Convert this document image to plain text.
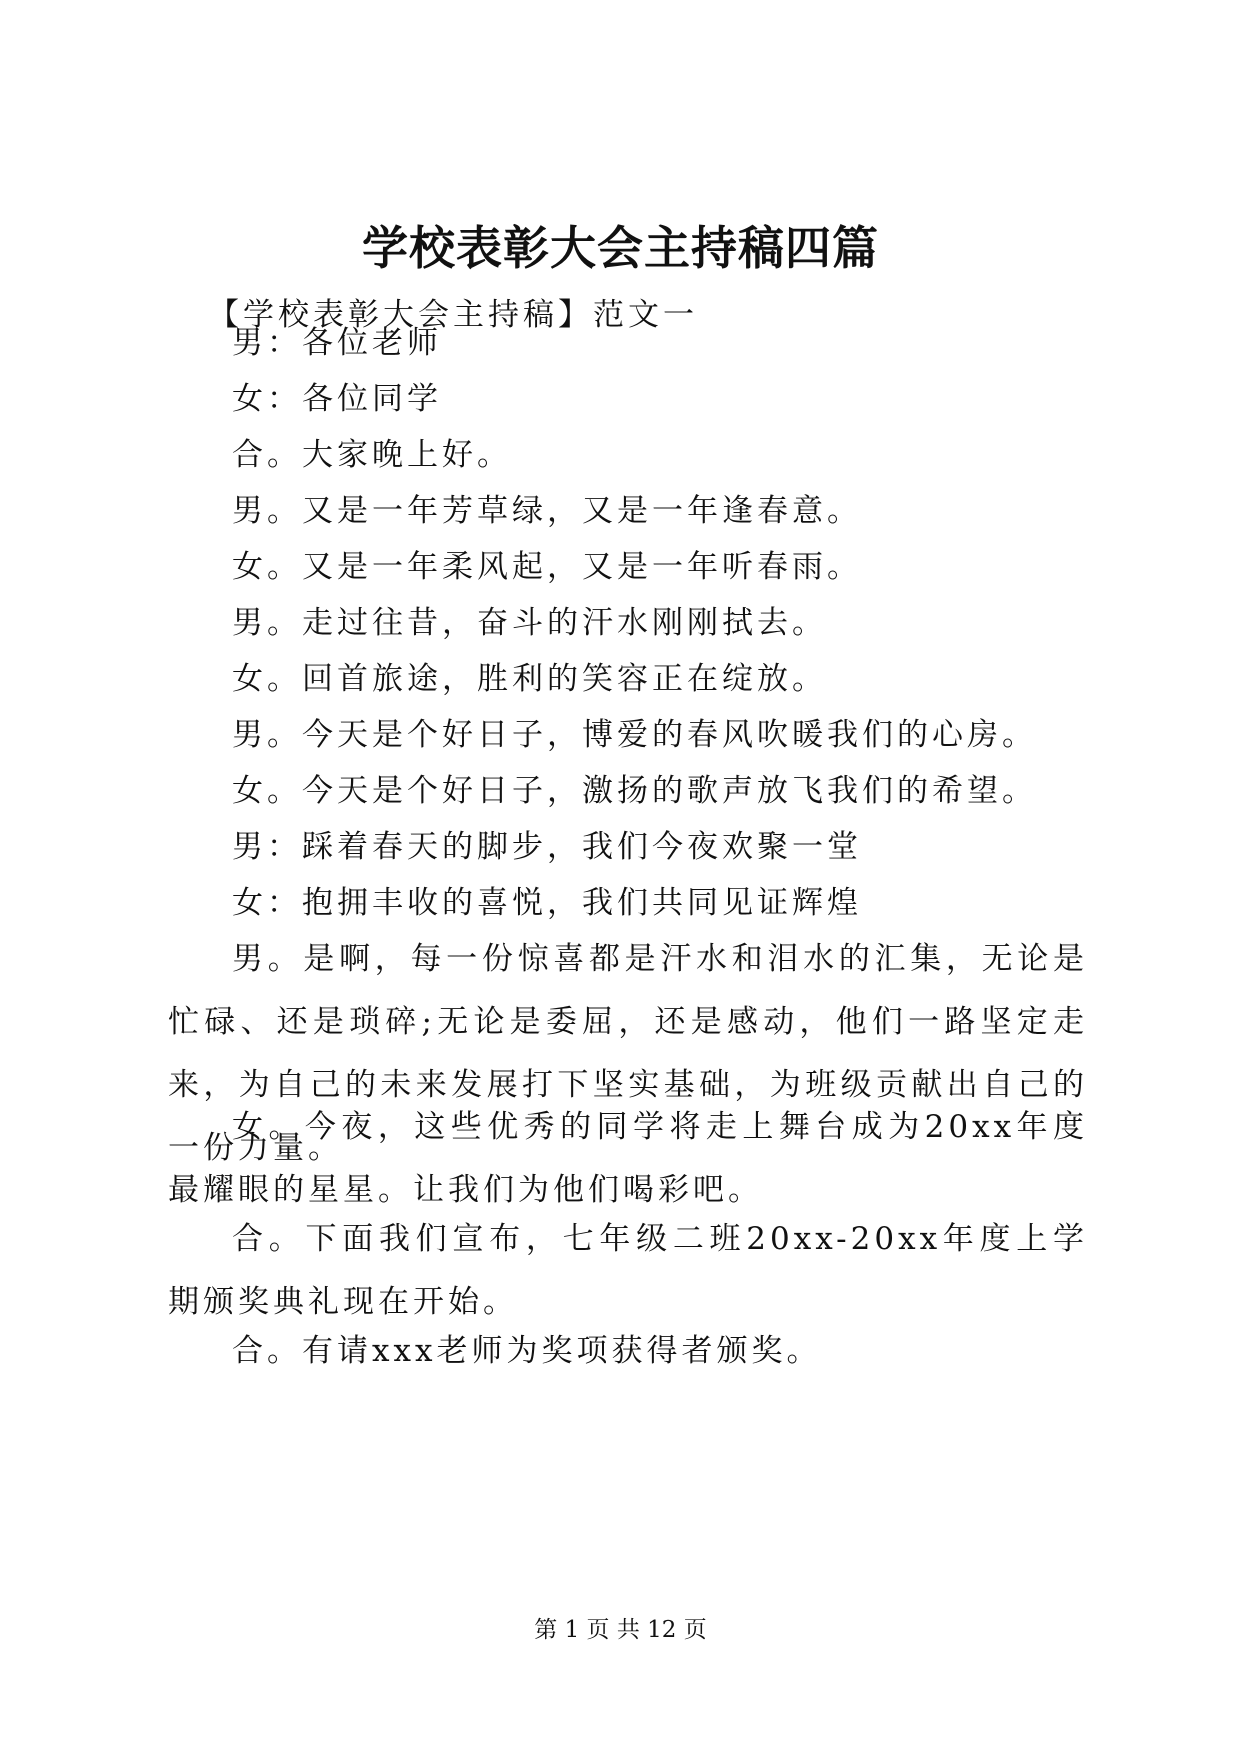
学校表彰大会主持稿四篇

【学校表彰大会主持稿】范文一

男：各位老师

女：各位同学

合。大家晚上好。

男。又是一年芳草绿，又是一年逢春意。

女。又是一年柔风起，又是一年听春雨。

男。走过往昔，奋斗的汗水刚刚拭去。

女。回首旅途，胜利的笑容正在绽放。

男。今天是个好日子，博爱的春风吹暖我们的心房。

女。今天是个好日子，激扬的歌声放飞我们的希望。

男：踩着春天的脚步，我们今夜欢聚一堂

女：抱拥丰收的喜悦，我们共同见证辉煌

男。是啊，每一份惊喜都是汗水和泪水的汇集，无论是忙碌、还是琐碎;无论是委屈，还是感动，他们一路坚定走来，为自己的未来发展打下坚实基础，为班级贡献出自己的一份力量。

女。今夜，这些优秀的同学将走上舞台成为20xx年度最耀眼的星星。让我们为他们喝彩吧。

合。下面我们宣布，七年级二班20xx-20xx年度上学期颁奖典礼现在开始。

合。有请xxx老师为奖项获得者颁奖。

第 1 页 共 12 页
